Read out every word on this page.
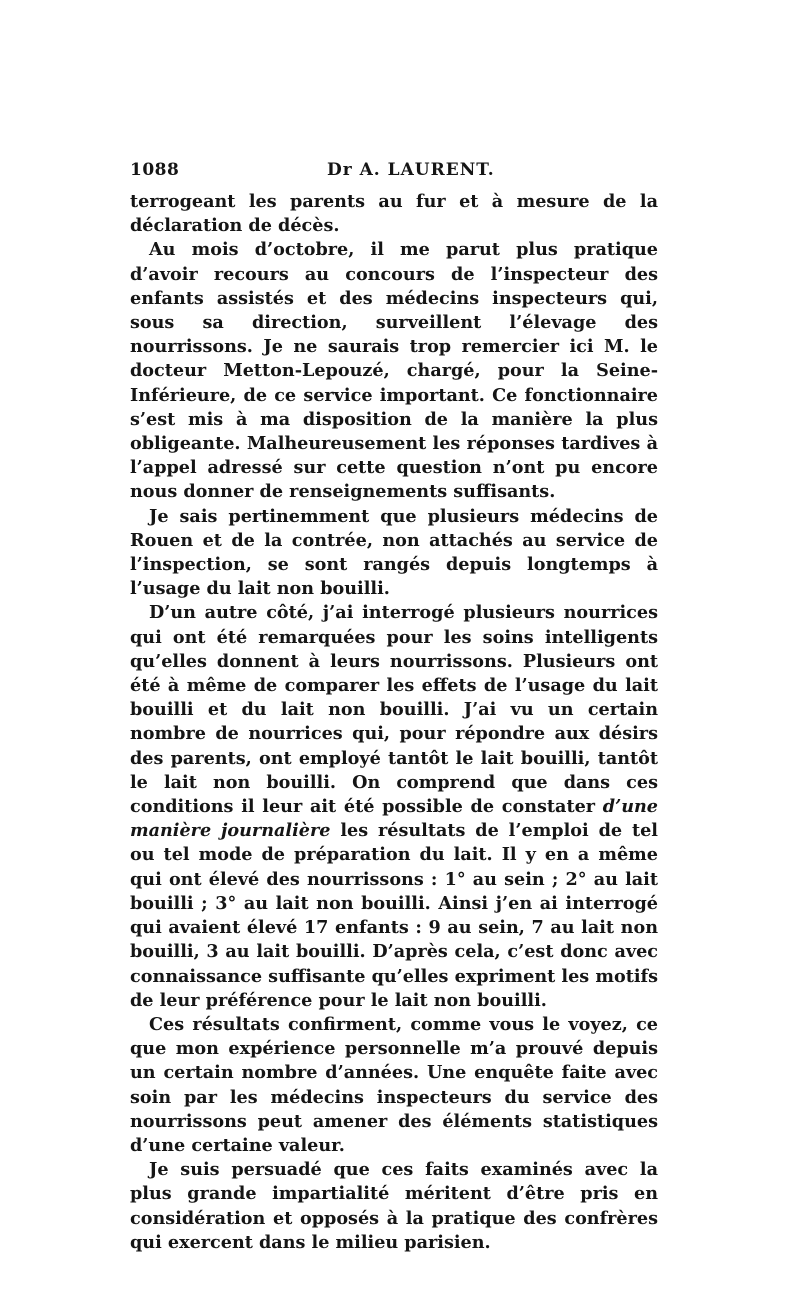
1088	Dr A. LAURENT.

terrogeant les parents au fur et à mesure de la déclaration de décès.

Au mois d’octobre, il me parut plus pratique d’avoir recours au concours de l’inspecteur des enfants assistés et des médecins inspecteurs qui, sous sa direction, surveillent l’élevage des nourrissons. Je ne saurais trop remercier ici M. le docteur Metton-Lepouzé, chargé, pour la Seine-Inférieure, de ce service important. Ce fonctionnaire s’est mis à ma disposition de la manière la plus obligeante. Malheureusement les réponses tardives à l’appel adressé sur cette question n’ont pu encore nous donner de renseignements suffisants.

Je sais pertinemment que plusieurs médecins de Rouen et de la contrée, non attachés au service de l’inspection, se sont rangés depuis longtemps à l’usage du lait non bouilli.

D’un autre côté, j’ai interrogé plusieurs nourrices qui ont été remarquées pour les soins intelligents qu’elles donnent à leurs nourrissons. Plusieurs ont été à même de comparer les effets de l’usage du lait bouilli et du lait non bouilli. J’ai vu un certain nombre de nourrices qui, pour répondre aux désirs des parents, ont employé tantôt le lait bouilli, tantôt le lait non bouilli. On comprend que dans ces conditions il leur ait été possible de constater d’une manière journalière les résultats de l’emploi de tel ou tel mode de préparation du lait. Il y en a même qui ont élevé des nourrissons : 1° au sein ; 2° au lait bouilli ; 3° au lait non bouilli. Ainsi j’en ai interrogé qui avaient élevé 17 enfants : 9 au sein, 7 au lait non bouilli, 3 au lait bouilli. D’après cela, c’est donc avec connaissance suffisante qu’elles expriment les motifs de leur préférence pour le lait non bouilli.

Ces résultats confirment, comme vous le voyez, ce que mon expérience personnelle m’a prouvé depuis un certain nombre d’années. Une enquête faite avec soin par les médecins inspecteurs du service des nourrissons peut amener des éléments statistiques d’une certaine valeur.

Je suis persuadé que ces faits examinés avec la plus grande impartialité méritent d’être pris en considération et opposés à la pratique des confrères qui exercent dans le milieu parisien.
